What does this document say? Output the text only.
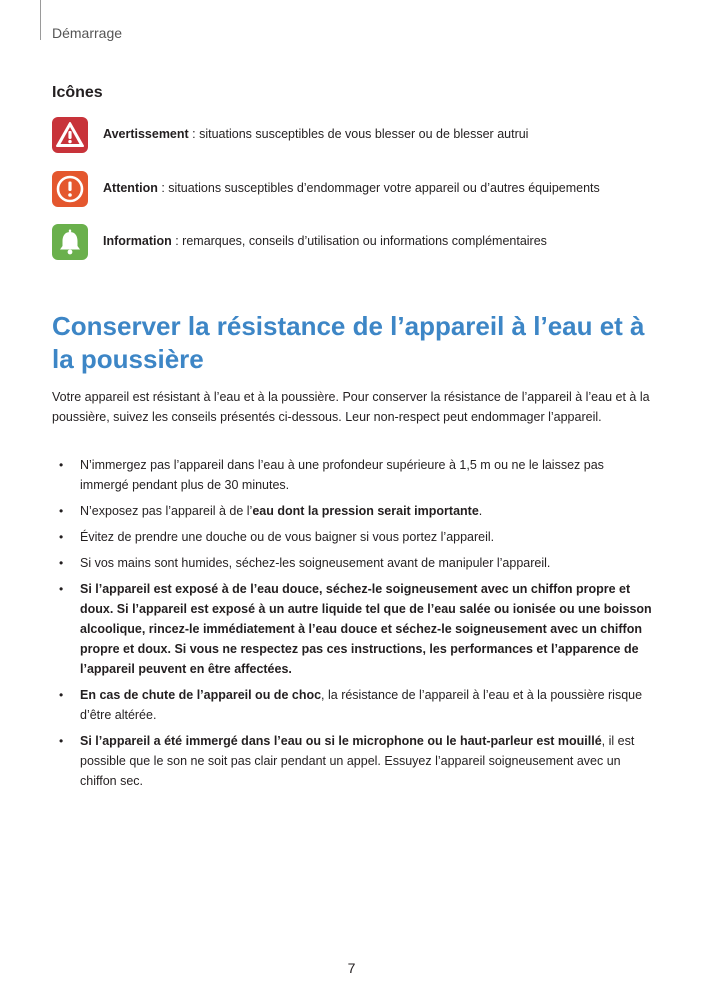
Démarrage
Icônes
Avertissement : situations susceptibles de vous blesser ou de blesser autrui
Attention : situations susceptibles d’endommager votre appareil ou d’autres équipements
Information : remarques, conseils d’utilisation ou informations complémentaires
Conserver la résistance de l’appareil à l’eau et à la poussière

Votre appareil est résistant à l’eau et à la poussière. Pour conserver la résistance de l’appareil à l’eau et à la poussière, suivez les conseils présentés ci-dessous. Leur non-respect peut endommager l’appareil.

• N’immergez pas l’appareil dans l’eau à une profondeur supérieure à 1,5 m ou ne le laissez pas immergé pendant plus de 30 minutes.
• N’exposez pas l’appareil à de l’eau dont la pression serait importante.
• Évitez de prendre une douche ou de vous baigner si vous portez l’appareil.
• Si vos mains sont humides, séchez-les soigneusement avant de manipuler l’appareil.
• Si l’appareil est exposé à de l’eau douce, séchez-le soigneusement avec un chiffon propre et doux. Si l’appareil est exposé à un autre liquide tel que de l’eau salée ou ionisée ou une boisson alcoolique, rincez-le immédiatement à l’eau douce et séchez-le soigneusement avec un chiffon propre et doux. Si vous ne respectez pas ces instructions, les performances et l’apparence de l’appareil peuvent en être affectées.
• En cas de chute de l’appareil ou de choc, la résistance de l’appareil à l’eau et à la poussière risque d’être altérée.
• Si l’appareil a été immergé dans l’eau ou si le microphone ou le haut-parleur est mouillé, il est possible que le son ne soit pas clair pendant un appel. Essuyez l’appareil soigneusement avec un chiffon sec.
7
